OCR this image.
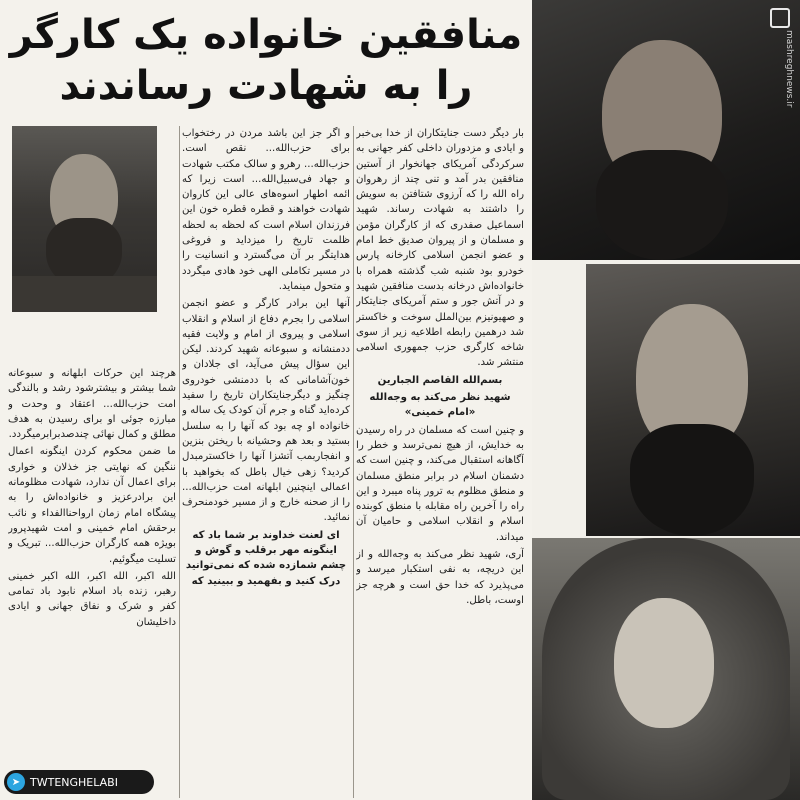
منافقین خانواده یک کارگر
را به شهادت رساندند

بار دیگر دست جنایتکاران از خدا بی‌خبر و ایادی و مزدوران داخلی کفر جهانی به سرکردگی آمریکای جهانخوار از آستین منافقین بدر آمد و تنی چند از رهروان راه الله را که آرزوی شتافتن به سویش را داشتند به شهادت رساند. شهید اسماعیل صفدری که از کارگران مؤمن و مسلمان و از پیروان صدیق خط امام و عضو انجمن اسلامی کارخانه پارس خودرو بود شنبه شب گذشته همراه با خانواده‌اش درخانه بدست منافقین شهید و در آتش جور و ستم آمریکای جنایتکار و صهیونیزم بین‌الملل سوخت و خاکستر شد درهمین رابطه اطلاعیه زیر از سوی شاخه کارگری حزب جمهوری اسلامی منتشر شد.

بسم‌الله القاصم الجبارین

شهید نظر می‌کند به وجه‌الله «امام خمینی»

و چنین است که مسلمان در راه رسیدن به خدایش، از هیچ نمی‌ترسد و خطر را آگاهانه استقبال می‌کند، و چنین است که دشمنان اسلام در برابر منطق مسلمان و منطق مظلوم به ترور پناه میبرد و این راه را آخرین راه مقابله با منطق کوبنده اسلام و انقلاب اسلامی و حامیان آن میداند.

آری، شهید نظر می‌کند به وجه‌الله و از این دریچه، به نفی استکبار میرسد و می‌پذیرد که خدا حق است و هرچه جز اوست، باطل.

و اگر جز این باشد مردن در رختخواب برای حزب‌الله... نقص است. حزب‌الله... رهرو و سالک مکتب شهادت و جهاد فی‌سبیل‌الله... است زیرا که ائمه اطهار اسوه‌های عالی این کاروان شهادت خواهند و قطره قطره خون این فرزندان اسلام است که لحظه به لحظه ظلمت تاریخ را میزداید و فروغی هدایتگر بر آن می‌گسترد و انسانیت را در مسیر تکاملی الهی خود هادی میگردد و متحول مینماید.

آنها این برادر کارگر و عضو انجمن اسلامی را بجرم دفاع از اسلام و انقلاب اسلامی و پیروی از امام و ولایت فقیه ددمنشانه و سبوعانه شهید کردند. لیکن این سؤال پیش می‌آید، ای جلادان و خون‌آشامانی که با ددمنشی خودروی چنگیز و دیگرجنایتکاران تاریخ را سفید کرده‌اید گناه و جرم آن کودک یک ساله و خانواده او چه بود که آنها را به سلسل بستید و بعد هم وحشیانه با ریختن بنزین و انفجاربمب آتشزا آنها را خاکسترمبدل کردید؟ زهی خیال باطل که بخواهید با اعمالی اینچنین ابلهانه امت حزب‌الله... را از صحنه خارج و از مسیر خودمنحرف نمائید.

ای لعنت خداوند بر شما باد که اینگونه مهر برقلب و گوش و چشم شمازده شده که نمی‌توانید درک کنید و بفهمید و ببینید که

هرچند این حرکات ابلهانه و سبوعانه شما بیشتر و بیشترشود رشد و بالندگی امت حزب‌الله... اعتقاد و وحدت و مبارزه جوئی او برای رسیدن به هدف مطلق و کمال نهائی چندصدبرابرمیگردد.

ما ضمن محکوم کردن اینگونه اعمال ننگین که نهایتی جز خذلان و خواری برای اعمال آن ندارد، شهادت مظلومانه این برادرعزیز و خانواده‌اش را به پیشگاه امام زمان ارواحنا‌الفداء و نائب برحقش امام خمینی و امت شهیدپرور بویژه همه کارگران حزب‌الله... تبریک و تسلیت میگوئیم.

الله اکبر، الله اکبر، الله اکبر خمینی رهبر، زنده باد اسلام نابود باد تمامی کفر و شرک و نفاق جهانی و ایادی داخلیشان

mashreghnews.ir
➤ TWTENGHELABI
